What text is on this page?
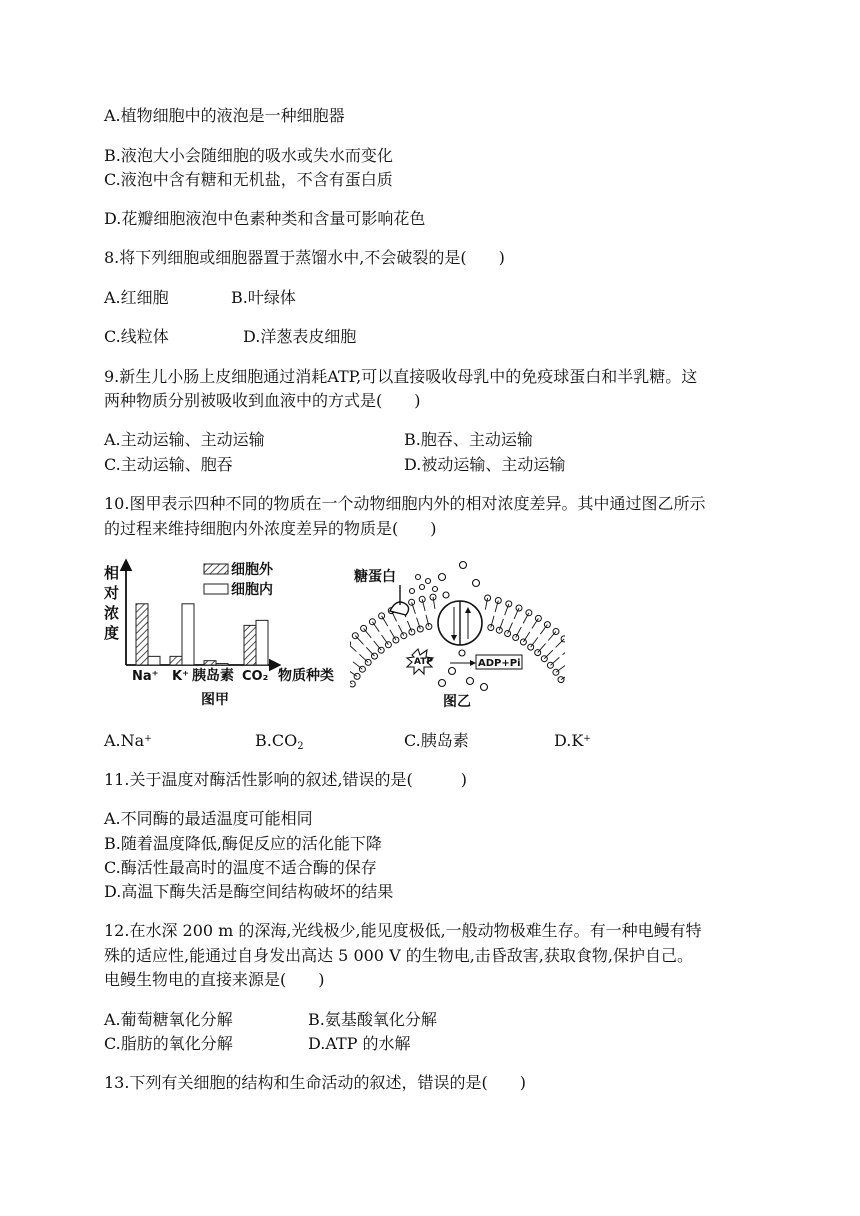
A.植物细胞中的液泡是一种细胞器
B.液泡大小会随细胞的吸水或失水而变化
C.液泡中含有糖和无机盐，不含有蛋白质
D.花瓣细胞液泡中色素种类和含量可影响花色
8.将下列细胞或细胞器置于蒸馏水中,不会破裂的是(　　)
A.红细胞	B.叶绿体
C.线粒体	D.洋葱表皮细胞
9.新生儿小肠上皮细胞通过消耗ATP,可以直接吸收母乳中的免疫球蛋白和半乳糖。这
两种物质分别被吸收到血液中的方式是(　　)
A.主动运输、主动运输	B.胞吞、主动运输
C.主动运输、胞吞	D.被动运输、主动运输
10.图甲表示四种不同的物质在一个动物细胞内外的相对浓度差异。其中通过图乙所示
的过程来维持细胞内外浓度差异的物质是(　　)
相
对
浓
度
细胞外
细胞内
Na⁺ K⁺ 胰岛素 CO₂ 物质种类
图甲
糖蛋白
ATP	ADP+Pi
图乙
A.Na+	$B.CO_2$	C.胰岛素	D.K+
11.关于温度对酶活性影响的叙述,错误的是(　　　)
A.不同酶的最适温度可能相同
B.随着温度降低,酶促反应的活化能下降
C.酶活性最高时的温度不适合酶的保存
D.高温下酶失活是酶空间结构破坏的结果
12.在水深 200 m 的深海,光线极少,能见度极低,一般动物极难生存。有一种电鳗有特
殊的适应性,能通过自身发出高达 5 000 V 的生物电,击昏敌害,获取食物,保护自己。
电鳗生物电的直接来源是(　　)
A.葡萄糖氧化分解	B.氨基酸氧化分解
C.脂肪的氧化分解	D.ATP 的水解
13.下列有关细胞的结构和生命活动的叙述，错误的是(　　)
